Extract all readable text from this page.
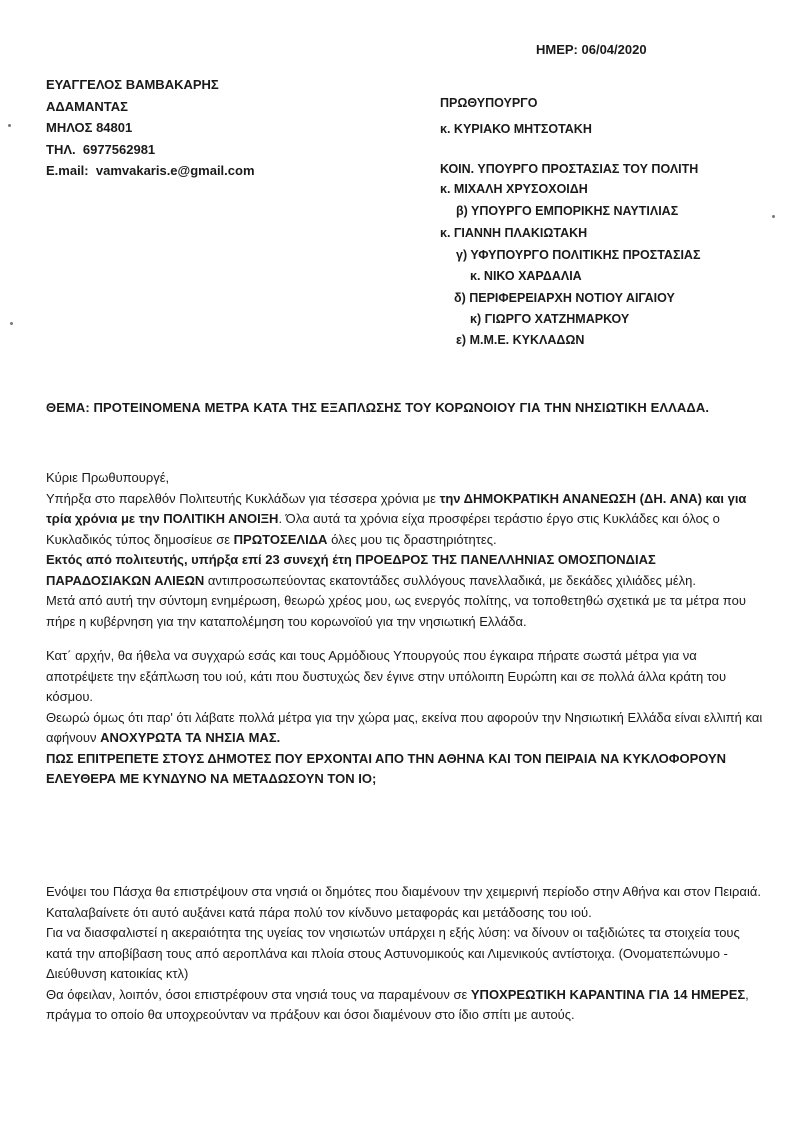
ΗΜΕΡ: 06/04/2020
ΕΥΑΓΓΕΛΟΣ ΒΑΜΒΑΚΑΡΗΣ
ΑΔΑΜΑΝΤΑΣ
ΜΗΛΟΣ 84801
ΤΗΛ. 6977562981
E.mail: vamvakaris.e@gmail.com
ΠΡΩΘΥΠΟΥΡΓΟ
κ. ΚΥΡΙΑΚΟ ΜΗΤΣΟΤΑΚΗ
ΚΟΙΝ. ΥΠΟΥΡΓΟ ΠΡΟΣΤΑΣΙΑΣ ΤΟΥ ΠΟΛΙΤΗ
κ. ΜΙΧΑΛΗ ΧΡΥΣΟΧΟΙΔΗ
β) ΥΠΟΥΡΓΟ ΕΜΠΟΡΙΚΗΣ ΝΑΥΤΙΛΙΑΣ
κ. ΓΙΑΝΝΗ ΠΛΑΚΙΩΤΑΚΗ
γ) ΥΦΥΠΟΥΡΓΟ ΠΟΛΙΤΙΚΗΣ ΠΡΟΣΤΑΣΙΑΣ
κ. ΝΙΚΟ ΧΑΡΔΑΛΙΑ
δ) ΠΕΡΙΦΕΡΕΙΑΡΧΗ ΝΟΤΙΟΥ ΑΙΓΑΙΟΥ
κ) ΓΙΩΡΓΟ ΧΑΤΖΗΜΑΡΚΟΥ
ε) Μ.Μ.Ε. ΚΥΚΛΑΔΩΝ
ΘΕΜΑ: ΠΡΟΤΕΙΝΟΜΕΝΑ ΜΕΤΡΑ ΚΑΤΑ ΤΗΣ ΕΞΑΠΛΩΣΗΣ ΤΟΥ ΚΟΡΩΝΟΙΟΥ ΓΙΑ ΤΗΝ ΝΗΣΙΩΤΙΚΗ ΕΛΛΑΔΑ.

Κύριε Πρωθυπουργέ,

Υπήρξα στο παρελθόν Πολιτευτής Κυκλάδων για τέσσερα χρόνια με την ΔΗΜΟΚΡΑΤΙΚΗ ΑΝΑΝΕΩΣΗ (ΔΗ. ΑΝΑ) και για τρία χρόνια με την ΠΟΛΙΤΙΚΗ ΑΝΟΙΞΗ. Όλα αυτά τα χρόνια είχα προσφέρει τεράστιο έργο στις Κυκλάδες και όλος ο Κυκλαδικός τύπος δημοσίευε σε ΠΡΩΤΟΣΕΛΙΔΑ όλες μου τις δραστηριότητες.

Εκτός από πολιτευτής, υπήρξα επί 23 συνεχή έτη ΠΡΟΕΔΡΟΣ ΤΗΣ ΠΑΝΕΛΛΗΝΙΑΣ ΟΜΟΣΠΟΝΔΙΑΣ ΠΑΡΑΔΟΣΙΑΚΩΝ ΑΛΙΕΩΝ αντιπροσωπεύοντας εκατοντάδες συλλόγους πανελλαδικά, με δεκάδες χιλιάδες μέλη.

Μετά από αυτή την σύντομη ενημέρωση, θεωρώ χρέος μου, ως ενεργός πολίτης, να τοποθετηθώ σχετικά με τα μέτρα που πήρε η κυβέρνηση για την καταπολέμηση του κορωνοϊού για την νησιωτική Ελλάδα.

Κατ΄ αρχήν, θα ήθελα να συγχαρώ εσάς και τους Αρμόδιους Υπουργούς που έγκαιρα πήρατε σωστά μέτρα για να αποτρέψετε την εξάπλωση του ιού, κάτι που δυστυχώς δεν έγινε στην υπόλοιπη Ευρώπη και σε πολλά άλλα κράτη του κόσμου.

Θεωρώ όμως ότι παρ' ότι λάβατε πολλά μέτρα για την χώρα μας, εκείνα που αφορούν την Νησιωτική Ελλάδα είναι ελλιπή και αφήνουν ΑΝΟΧΥΡΩΤΑ ΤΑ ΝΗΣΙΑ ΜΑΣ.

ΠΩΣ ΕΠΙΤΡΕΠΕΤΕ ΣΤΟΥΣ ΔΗΜΟΤΕΣ ΠΟΥ ΕΡΧΟΝΤΑΙ ΑΠΟ ΤΗΝ ΑΘΗΝΑ ΚΑΙ ΤΟΝ ΠΕΙΡΑΙΑ ΝΑ ΚΥΚΛΟΦΟΡΟΥΝ ΕΛΕΥΘΕΡΑ ΜΕ ΚΥΝΔΥΝΟ ΝΑ ΜΕΤΑΔΩΣΟΥΝ ΤΟΝ ΙΟ;

Ενόψει του Πάσχα θα επιστρέψουν στα νησιά οι δημότες που διαμένουν την χειμερινή περίοδο στην Αθήνα και στον Πειραιά. Καταλαβαίνετε ότι αυτό αυξάνει κατά πάρα πολύ τον κίνδυνο μεταφοράς και μετάδοσης του ιού.

Για να διασφαλιστεί η ακεραιότητα της υγείας τον νησιωτών υπάρχει η εξής λύση: να δίνουν οι ταξιδιώτες τα στοιχεία τους κατά την αποβίβαση τους από αεροπλάνα και πλοία στους Αστυνομικούς και Λιμενικούς αντίστοιχα. (Ονοματεπώνυμο - Διεύθυνση κατοικίας κτλ)

Θα όφειλαν, λοιπόν, όσοι επιστρέφουν στα νησιά τους να παραμένουν σε ΥΠΟΧΡΕΩΤΙΚΗ ΚΑΡΑΝΤΙΝΑ ΓΙΑ 14 ΗΜΕΡΕΣ, πράγμα το οποίο θα υποχρεούνταν να πράξουν και όσοι διαμένουν στο ίδιο σπίτι με αυτούς.
